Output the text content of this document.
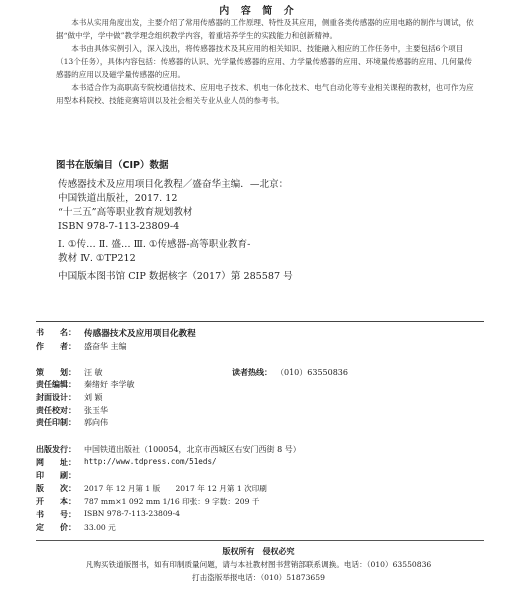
内 容 简 介

本书从实用角度出发，主要介绍了常用传感器的工作原理、特性及其应用，侧重各类传感器的应用电路的制作与调试，依据“做中学，学中做”教学理念组织教学内容，着重培养学生的实践能力和创新精神。

本书由具体实例引入，深入浅出，将传感器技术及其应用的相关知识、技能融入相应的工作任务中，主要包括6个项目（13个任务），具体内容包括：传感器的认识、光学量传感器的应用、力学量传感器的应用、环境量传感器的应用、几何量传感器的应用以及磁学量传感器的应用。

本书适合作为高职高专院校通信技术、应用电子技术、机电一体化技术、电气自动化等专业相关课程的教材，也可作为应用型本科院校、技能竞赛培训以及社会相关专业从业人员的参考书。

图书在版编目（CIP）数据
传感器技术及应用项目化教程／盛奋华主编．—北京：
中国铁道出版社，2017. 12
“十三五”高等职业教育规划教材
ISBN 978-7-113-23809-4
Ⅰ. ①传… Ⅱ. 盛… Ⅲ. ①传感器-高等职业教育-
教材 Ⅳ. ①TP212
中国版本图书馆 CIP 数据核字（2017）第 285587 号
书　　名： 传感器技术及应用项目化教程
作　　者： 盛奋华 主编
策　　划： 汪 敏	读者热线： （010）63550836
责任编辑： 秦绪好 李学敏
封面设计： 刘 颖
责任校对： 张玉华
责任印制： 郭向伟
出版发行： 中国铁道出版社（100054，北京市西城区右安门西街 8 号）
网　　址： http://www.tdpress.com/51eds/
印　　刷：
版　　次： 2017 年 12 月第 1 版　　2017 年 12 月第 1 次印刷
开　　本： 787 mm×1 092 mm 1/16 印张：9 字数：209 千
书　　号： ISBN 978-7-113-23809-4
定　　价： 33.00 元
版权所有　侵权必究
凡购买铁道版图书，如有印制质量问题，请与本社教材图书营销部联系调换。电话：（010）63550836
打击盗版举报电话：（010）51873659
